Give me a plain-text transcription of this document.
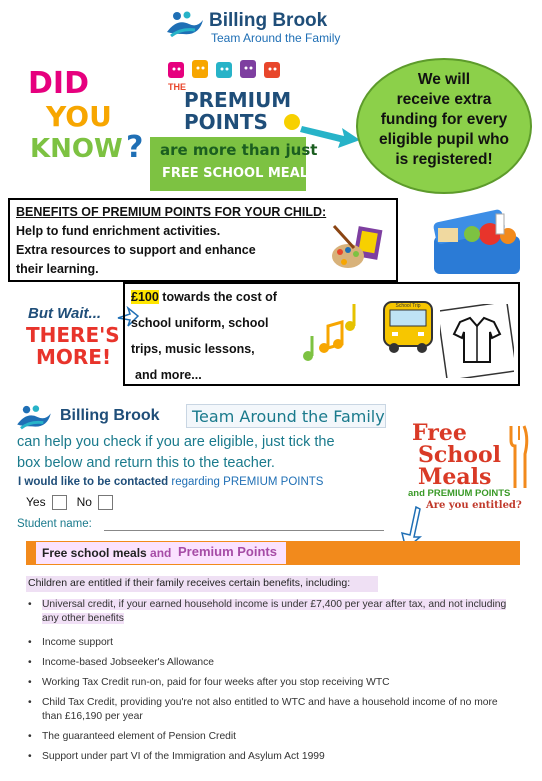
Billing Brook
Team Around the Family
DID
YOU
KNOW ?
THE
PREMIUM
POINTS
are more than just
FREE SCHOOL MEALS!
We will
receive extra
funding for every
eligible pupil who
is registered!
BENEFITS OF PREMIUM POINTS FOR YOUR CHILD:
Help to fund enrichment activities.
Extra resources to support and enhance
their learning.
But Wait...
THERE'S
MORE!
£100 towards the cost of
school uniform, school
trips, music lessons,
and more...
School Trip
Billing Brook Team Around the Family
can help you check if you are eligible, just tick the
box below and return this to the teacher.
I would like to be contacted regarding PREMIUM POINTS
Yes	No
Student name:
Free
School
Meals
and PREMIUM POINTS
Are you entitled?
Free school meals and Premium Points
Children are entitled if their family receives certain benefits, including:
• Universal credit, if your earned household income is under £7,400 per year after tax, and not including any other benefits
• Income support
• Income-based Jobseeker's Allowance
• Working Tax Credit run-on, paid for four weeks after you stop receiving WTC
• Child Tax Credit, providing you're not also entitled to WTC and have a household income of no more than £16,190 per year
• The guaranteed element of Pension Credit
• Support under part VI of the Immigration and Asylum Act 1999
